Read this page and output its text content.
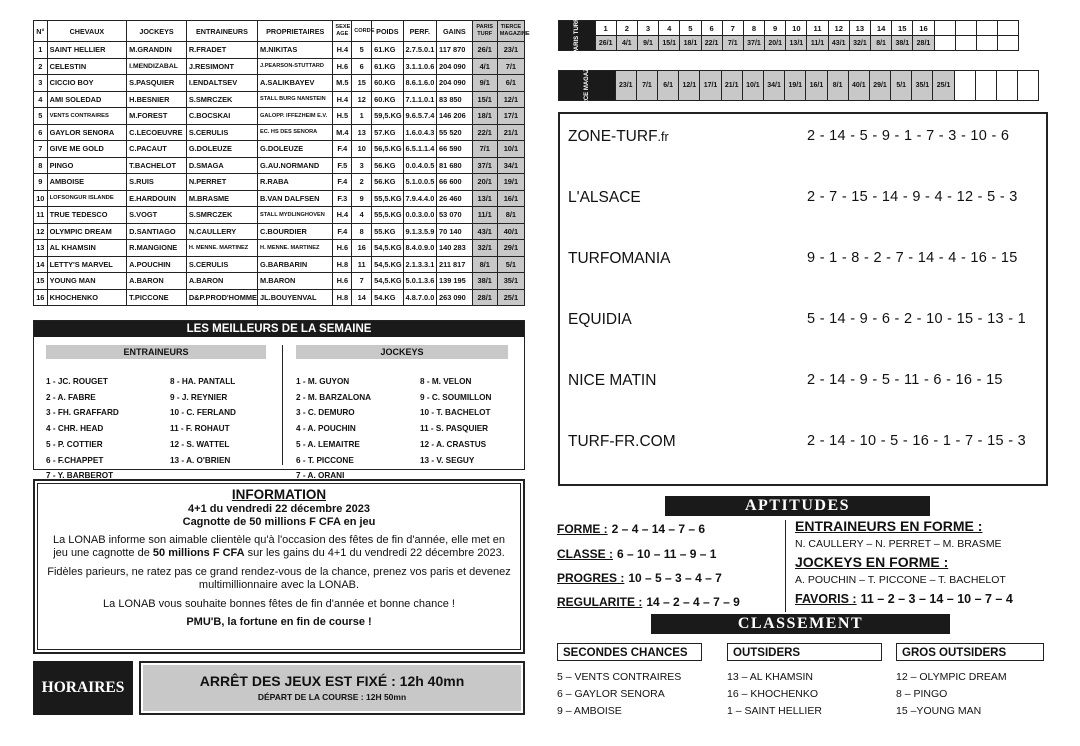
N°	CHEVAUX	JOCKEYS	ENTRAINEURS	PROPRIETAIRES	SEXE AGE	CORDE	POIDS	PERF.	GAINS	PARIS TURF	TIERCE MAGAZINE
1	SAINT HELLIER	M.GRANDIN	R.FRADET	M.NIKITAS	H.4	5	61.KG	2.7.5.0.1	117 870	26/1	23/1
2	CELESTIN	I.MENDIZABAL	J.RESIMONT	J.PEARSON-STUTTARD	H.6	6	61.KG	3.1.1.0.6	204 090	4/1	7/1
3	CICCIO BOY	S.PASQUIER	I.ENDALTSEV	A.SALIKBAYEV	M.5	15	60.KG	8.6.1.6.0	204 090	9/1	6/1
4	AMI SOLEDAD	H.BESNIER	S.SMRCZEK	STALL BURG NANSTEIN	H.4	12	60.KG	7.1.1.0.1	83 850	15/1	12/1
5	VENTS CONTRAIRES	M.FOREST	C.BOCSKAI	GALOPP. IFFEZHEIM E.V.	H.5	1	59,5.KG	9.6.5.7.4	146 206	18/1	17/1
6	GAYLOR SENORA	C.LECOEUVRE	S.CERULIS	EC. HS DES SENORA	M.4	13	57.KG	1.6.0.4.3	55 520	22/1	21/1
7	GIVE ME GOLD	C.PACAUT	G.DOLEUZE	G.DOLEUZE	F.4	10	56,5.KG	6.5.1.1.4	66 590	7/1	10/1
8	PINGO	T.BACHELOT	D.SMAGA	G.AU.NORMAND	F.5	3	56.KG	0.0.4.0.5	81 680	37/1	34/1
9	AMBOISE	S.RUIS	N.PERRET	R.RABA	F.4	2	56.KG	5.1.0.0.5	66 600	20/1	19/1
10	LOFSONGUR ISLANDE	E.HARDOUIN	M.BRASME	B.VAN DALFSEN	F.3	9	55,5.KG	7.9.4.4.0	26 460	13/1	16/1
11	TRUE TEDESCO	S.VOGT	S.SMRCZEK	STALL MYDLINGHOVEN	H.4	4	55,5.KG	0.0.3.0.0	53 070	11/1	8/1
12	OLYMPIC DREAM	D.SANTIAGO	N.CAULLERY	C.BOURDIER	F.4	8	55.KG	9.1.3.5.9	70 140	43/1	40/1
13	AL KHAMSIN	R.MANGIONE	H. MENNE. MARTINEZ	H. MENNE. MARTINEZ	H.6	16	54,5.KG	8.4.0.9.0	140 283	32/1	29/1
14	LETTY'S MARVEL	A.POUCHIN	S.CERULIS	G.BARBARIN	H.8	11	54,5.KG	2.1.3.3.1	211 817	8/1	5/1
15	YOUNG MAN	A.BARON	A.BARON	M.BARON	H.6	7	54,5.KG	5.0.1.3.6	139 195	38/1	35/1
16	KHOCHENKO	T.PICCONE	D&P.PROD'HOMME	JL.BOUYENVAL	H.8	14	54.KG	4.8.7.0.0	263 090	28/1	25/1
LES MEILLEURS DE LA SEMAINE
ENTRAINEURS
1 - JC. ROUGET
2 - A. FABRE
3 - FH. GRAFFARD
4 - CHR. HEAD
5 - P. COTTIER
6 - F.CHAPPET
7 - Y. BARBEROT
8 - HA. PANTALL
9 - J. REYNIER
10 - C. FERLAND
11 - F. ROHAUT
12 - S. WATTEL
13 - A. O'BRIEN
JOCKEYS
1 - M. GUYON
2 - M. BARZALONA
3 - C. DEMURO
4 - A. POUCHIN
5 - A. LEMAITRE
6 - T. PICCONE
7 - A. ORANI
8 - M. VELON
9 - C. SOUMILLON
10 - T. BACHELOT
11 - S. PASQUIER
12 - A. CRASTUS
13 - V. SEGUY
INFORMATION
4+1 du vendredi 22 décembre 2023
Cagnotte de 50 millions F CFA en jeu

La LONAB informe son aimable clientèle qu'à l'occasion des fêtes de fin d'année, elle met en jeu une cagnotte de 50 millions F CFA sur les gains du 4+1 du vendredi 22 décembre 2023.

Fidèles parieurs, ne ratez pas ce grand rendez-vous de la chance, prenez vos paris et devenez multimillionnaire avec la LONAB.

La LONAB vous souhaite bonnes fêtes de fin d'année et bonne chance !

PMU'B, la fortune en fin de course !
HORAIRES	ARRÊT DES JEUX EST FIXÉ : 12h 40mn
DÉPART DE LA COURSE : 12H 50mn
PARIS TURF	1	2	3	4	5	6	7	8	9	10	11	12	13	14	15	16				
	26/1	4/1	9/1	15/1	18/1	22/1	7/1	37/1	20/1	13/1	11/1	43/1	32/1	8/1	38/1	28/1				
TIERCE MAGAZINE	23/1	7/1	6/1	12/1	17/1	21/1	10/1	34/1	19/1	16/1	8/1	40/1	29/1	5/1	35/1	25/1				
ZONE-TURF.fr	2 - 14 - 5 - 9 - 1 - 7 - 3 - 10 - 6
L'ALSACE	2 - 7 - 15 - 14 - 9 - 4 - 12 - 5 - 3
TURFOMANIA	9 - 1 - 8 - 2 - 7 - 14 - 4 - 16 - 15
EQUIDIA	5 - 14 - 9 - 6 - 2 - 10 - 15 - 13 - 1
NICE MATIN	2 - 14 - 9 - 5 - 11 - 6 - 16 - 15
TURF-FR.COM	2 - 14 - 10 - 5 - 16 - 1 - 7 - 15 - 3
APTITUDES
FORME : 2 – 4 – 14 – 7 – 6
CLASSE : 6 – 10 – 11 – 9 – 1
PROGRES : 10 – 5 – 3 – 4 – 7
REGULARITE : 14 – 2 – 4 – 7 – 9
ENTRAINEURS EN FORME :
N. CAULLERY – N. PERRET – M. BRASME
JOCKEYS EN FORME :
A. POUCHIN – T. PICCONE – T. BACHELOT
FAVORIS : 11 – 2 – 3 – 14 – 10 – 7 – 4
CLASSEMENT
SECONDES CHANCES	OUTSIDERS	GROS OUTSIDERS
5 – VENTS CONTRAIRES
6 – GAYLOR SENORA
9 – AMBOISE
13 – AL KHAMSIN
16 – KHOCHENKO
1 – SAINT HELLIER
12 – OLYMPIC DREAM
8 – PINGO
15 –YOUNG MAN
